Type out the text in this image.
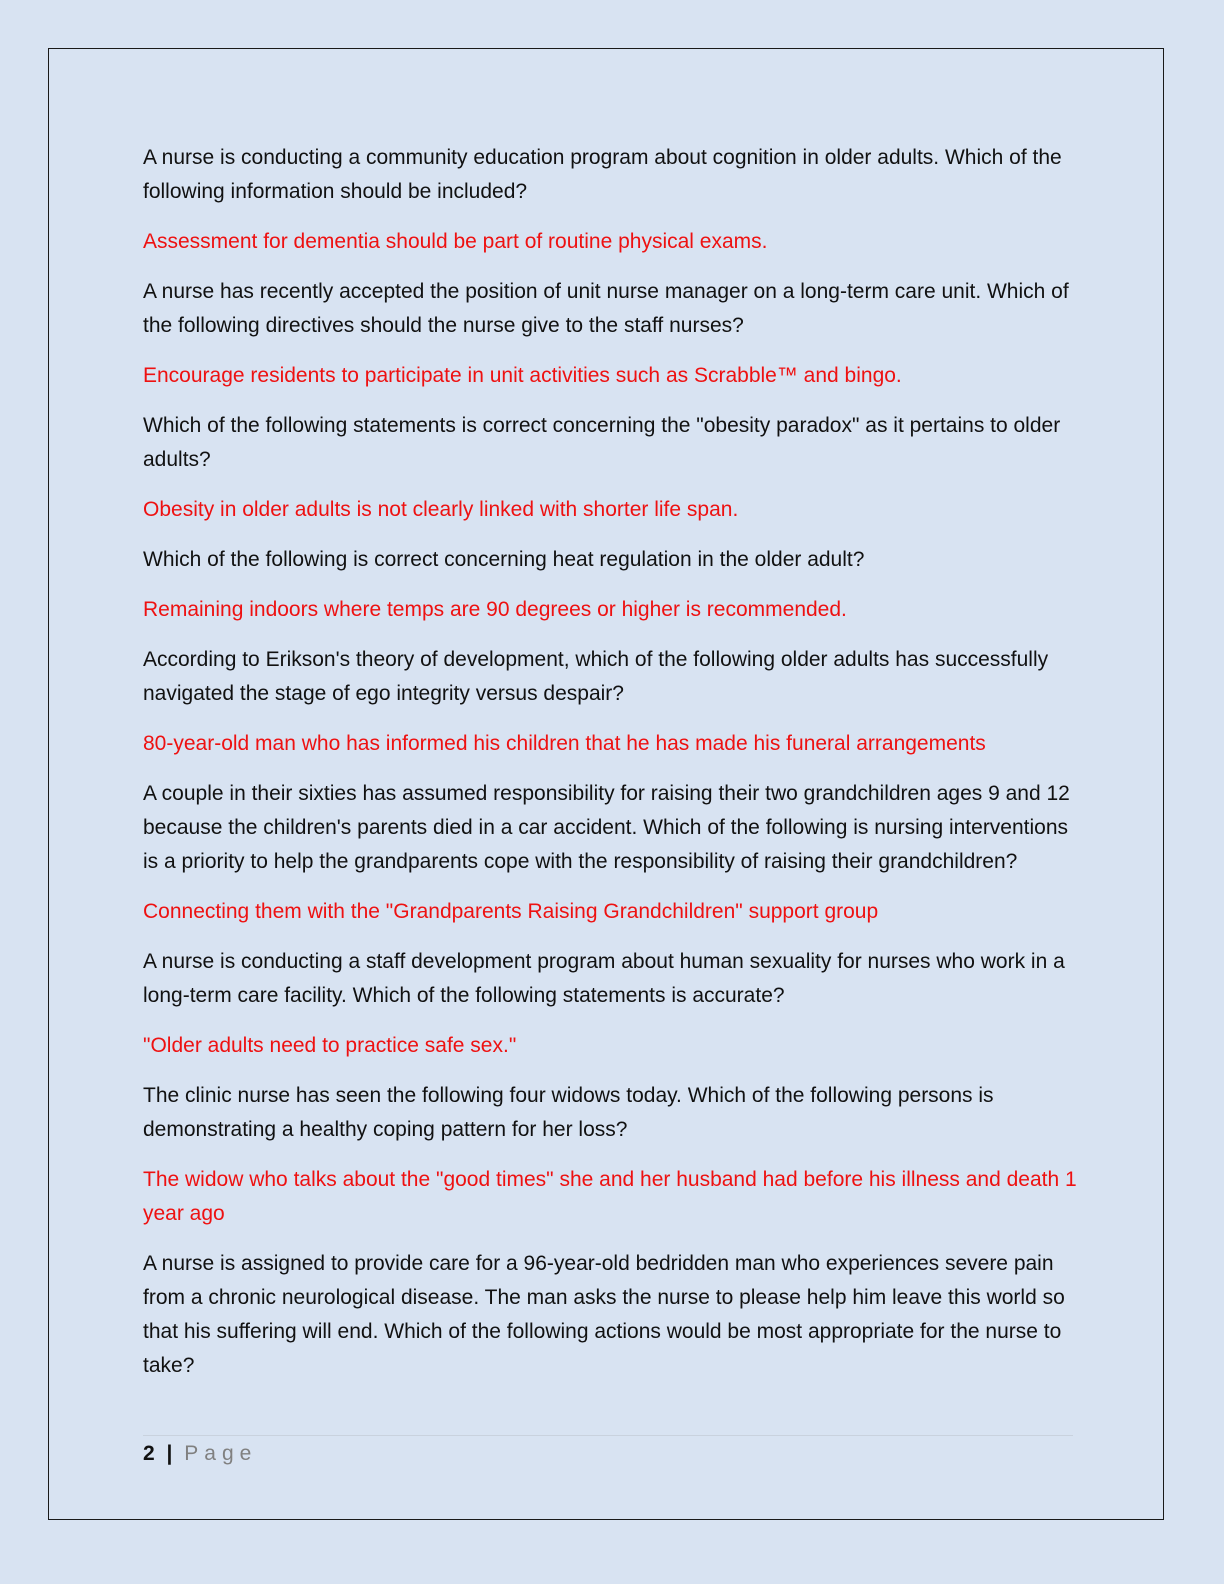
A nurse is conducting a community education program about cognition in older adults. Which of the following information should be included?

Assessment for dementia should be part of routine physical exams.

A nurse has recently accepted the position of unit nurse manager on a long-term care unit. Which of the following directives should the nurse give to the staff nurses?

Encourage residents to participate in unit activities such as Scrabble™ and bingo.

Which of the following statements is correct concerning the "obesity paradox" as it pertains to older adults?

Obesity in older adults is not clearly linked with shorter life span.

Which of the following is correct concerning heat regulation in the older adult?

Remaining indoors where temps are 90 degrees or higher is recommended.

According to Erikson's theory of development, which of the following older adults has successfully navigated the stage of ego integrity versus despair?

80-year-old man who has informed his children that he has made his funeral arrangements

A couple in their sixties has assumed responsibility for raising their two grandchildren ages 9 and 12 because the children's parents died in a car accident. Which of the following is nursing interventions is a priority to help the grandparents cope with the responsibility of raising their grandchildren?

Connecting them with the "Grandparents Raising Grandchildren" support group

A nurse is conducting a staff development program about human sexuality for nurses who work in a long-term care facility. Which of the following statements is accurate?

"Older adults need to practice safe sex."

The clinic nurse has seen the following four widows today. Which of the following persons is demonstrating a healthy coping pattern for her loss?

The widow who talks about the "good times" she and her husband had before his illness and death 1 year ago

A nurse is assigned to provide care for a 96-year-old bedridden man who experiences severe pain from a chronic neurological disease. The man asks the nurse to please help him leave this world so that his suffering will end. Which of the following actions would be most appropriate for the nurse to take?

2 | Page
